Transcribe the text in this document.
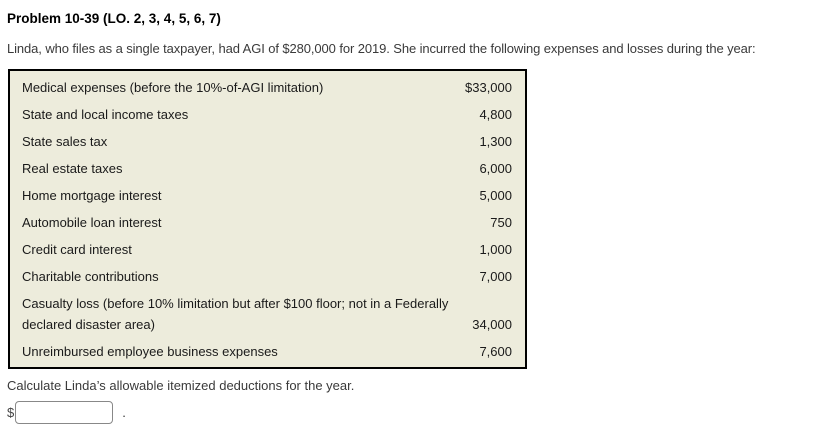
Problem 10-39 (LO. 2, 3, 4, 5, 6, 7)

Linda, who files as a single taxpayer, had AGI of $280,000 for 2019. She incurred the following expenses and losses during the year:

Medical expenses (before the 10%-of-AGI limitation)	$33,000
State and local income taxes	4,800
State sales tax	1,300
Real estate taxes	6,000
Home mortgage interest	5,000
Automobile loan interest	750
Credit card interest	1,000
Charitable contributions	7,000
Casualty loss (before 10% limitation but after $100 floor; not in a Federally declared disaster area)	34,000
Unreimbursed employee business expenses	7,600

Calculate Linda’s allowable itemized deductions for the year.

$	.
